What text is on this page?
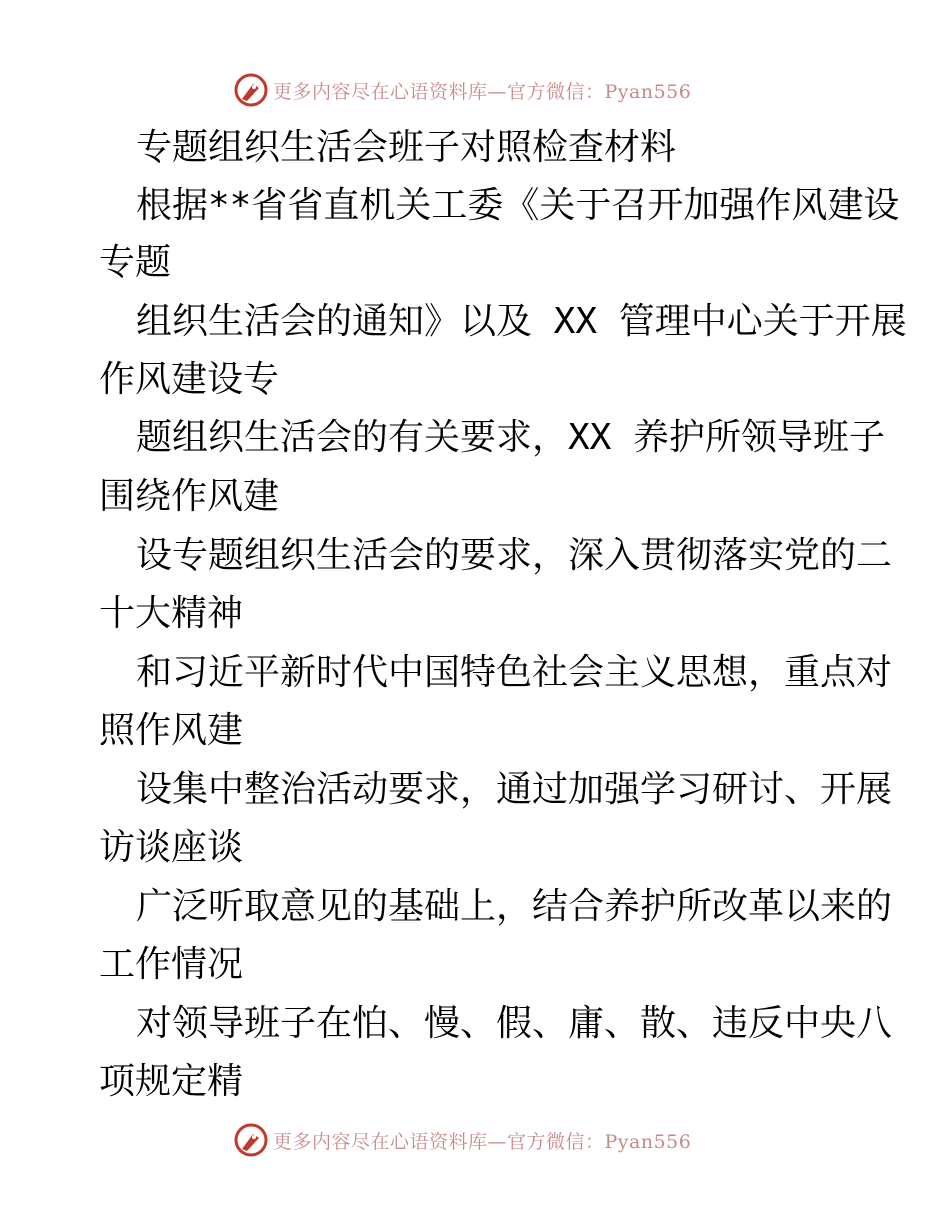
更多内容尽在心语资料库—官方微信：Pyan556
专题组织生活会班子对照检查材料
根据**省省直机关工委《关于召开加强作风建设
专题
组织生活会的通知》以及 XX 管理中心关于开展
作风建设专
题组织生活会的有关要求，XX 养护所领导班子
围绕作风建
设专题组织生活会的要求，深入贯彻落实党的二
十大精神
和习近平新时代中国特色社会主义思想，重点对
照作风建
设集中整治活动要求，通过加强学习研讨、开展
访谈座谈
广泛听取意见的基础上，结合养护所改革以来的
工作情况
对领导班子在怕、慢、假、庸、散、违反中央八
项规定精
更多内容尽在心语资料库—官方微信：Pyan556
